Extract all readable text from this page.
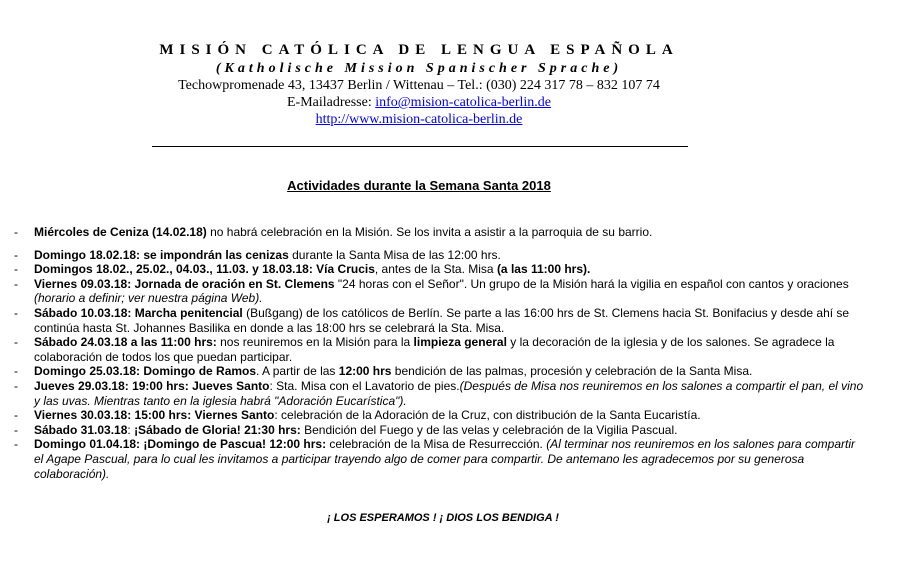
MISIÓN CATÓLICA DE LENGUA ESPAÑOLA
(Katholische Mission Spanischer Sprache)
Techowpromenade 43, 13437 Berlin / Wittenau – Tel.: (030) 224 317 78 – 832 107 74
E-Mailadresse: info@mision-catolica-berlin.de
http://www.mision-catolica-berlin.de
Actividades durante la Semana Santa 2018
- Miércoles de Ceniza (14.02.18) no habrá celebración en la Misión. Se los invita a asistir a la parroquia de su barrio.
- Domingo 18.02.18: se impondrán las cenizas durante la Santa Misa de las 12:00 hrs.
- Domingos 18.02., 25.02., 04.03., 11.03. y 18.03.18: Vía Crucis, antes de la Sta. Misa (a las 11:00 hrs).
- Viernes 09.03.18: Jornada de oración en St. Clemens "24 horas con el Señor". Un grupo de la Misión hará la vigilia en español con cantos y oraciones (horario a definir; ver nuestra página Web).
- Sábado 10.03.18: Marcha penitencial (Bußgang) de los católicos de Berlín. Se parte a las 16:00 hrs de St. Clemens hacia St. Bonifacius y desde ahí se continúa hasta St. Johannes Basilika en donde a las 18:00 hrs se celebrará la Sta. Misa.
- Sábado 24.03.18 a las 11:00 hrs: nos reuniremos en la Misión para la limpieza general y la decoración de la iglesia y de los salones. Se agradece la colaboración de todos los que puedan participar.
- Domingo 25.03.18: Domingo de Ramos. A partir de las 12:00 hrs bendición de las palmas, procesión y celebración de la Santa Misa.
- Jueves 29.03.18: 19:00 hrs: Jueves Santo: Sta. Misa con el Lavatorio de pies.(Después de Misa nos reuniremos en los salones a compartir el pan, el vino y las uvas. Mientras tanto en la iglesia habrá "Adoración Eucarística").
- Viernes 30.03.18: 15:00 hrs: Viernes Santo: celebración de la Adoración de la Cruz, con distribución de la Santa Eucaristía.
- Sábado 31.03.18: ¡Sábado de Gloria! 21:30 hrs: Bendición del Fuego y de las velas y celebración de la Vigilia Pascual.
- Domingo 01.04.18: ¡Domingo de Pascua! 12:00 hrs: celebración de la Misa de Resurrección. (Al terminar nos reuniremos en los salones para compartir el Agape Pascual, para lo cual les invitamos a participar trayendo algo de comer para compartir. De antemano les agradecemos por su generosa colaboración).
¡ LOS ESPERAMOS ! ¡ DIOS LOS BENDIGA !
